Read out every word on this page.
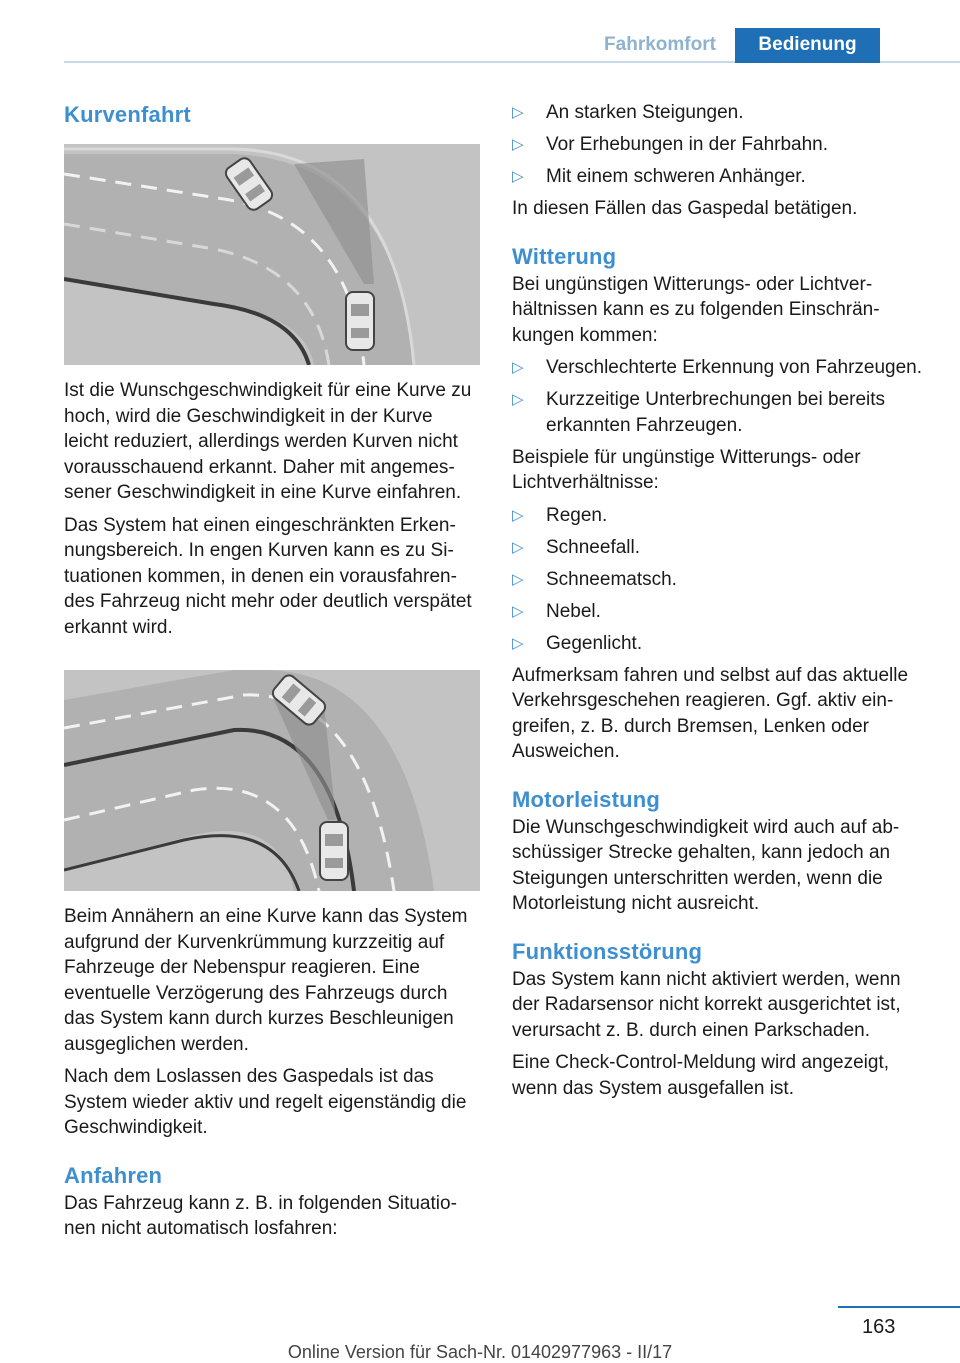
Fahrkomfort	Bedienung
Kurvenfahrt

Ist die Wunschgeschwindigkeit für eine Kurve zu hoch, wird die Geschwindigkeit in der Kurve leicht reduziert, allerdings werden Kurven nicht vorausschauend erkannt. Daher mit angemessener Geschwindigkeit in eine Kurve einfahren.

Das System hat einen eingeschränkten Erkennungsbereich. In engen Kurven kann es zu Situationen kommen, in denen ein vorausfahrendes Fahrzeug nicht mehr oder deutlich verspätet erkannt wird.

Beim Annähern an eine Kurve kann das System aufgrund der Kurvenkrümmung kurzzeitig auf Fahrzeuge der Nebenspur reagieren. Eine eventuelle Verzögerung des Fahrzeugs durch das System kann durch kurzes Beschleunigen ausgeglichen werden.

Nach dem Loslassen des Gaspedals ist das System wieder aktiv und regelt eigenständig die Geschwindigkeit.

Anfahren

Das Fahrzeug kann z. B. in folgenden Situationen nicht automatisch losfahren:

▷ An starken Steigungen.
▷ Vor Erhebungen in der Fahrbahn.
▷ Mit einem schweren Anhänger.

In diesen Fällen das Gaspedal betätigen.

Witterung

Bei ungünstigen Witterungs- oder Lichtverhältnissen kann es zu folgenden Einschränkungen kommen:

▷ Verschlechterte Erkennung von Fahrzeugen.
▷ Kurzzeitige Unterbrechungen bei bereits erkannten Fahrzeugen.

Beispiele für ungünstige Witterungs- oder Lichtverhältnisse:

▷ Regen.
▷ Schneefall.
▷ Schneematsch.
▷ Nebel.
▷ Gegenlicht.

Aufmerksam fahren und selbst auf das aktuelle Verkehrsgeschehen reagieren. Ggf. aktiv eingreifen, z. B. durch Bremsen, Lenken oder Ausweichen.

Motorleistung

Die Wunschgeschwindigkeit wird auch auf abschüssiger Strecke gehalten, kann jedoch an Steigungen unterschritten werden, wenn die Motorleistung nicht ausreicht.

Funktionsstörung

Das System kann nicht aktiviert werden, wenn der Radarsensor nicht korrekt ausgerichtet ist, verursacht z. B. durch einen Parkschaden.

Eine Check-Control-Meldung wird angezeigt, wenn das System ausgefallen ist.

163
Online Version für Sach-Nr. 01402977963 - II/17
